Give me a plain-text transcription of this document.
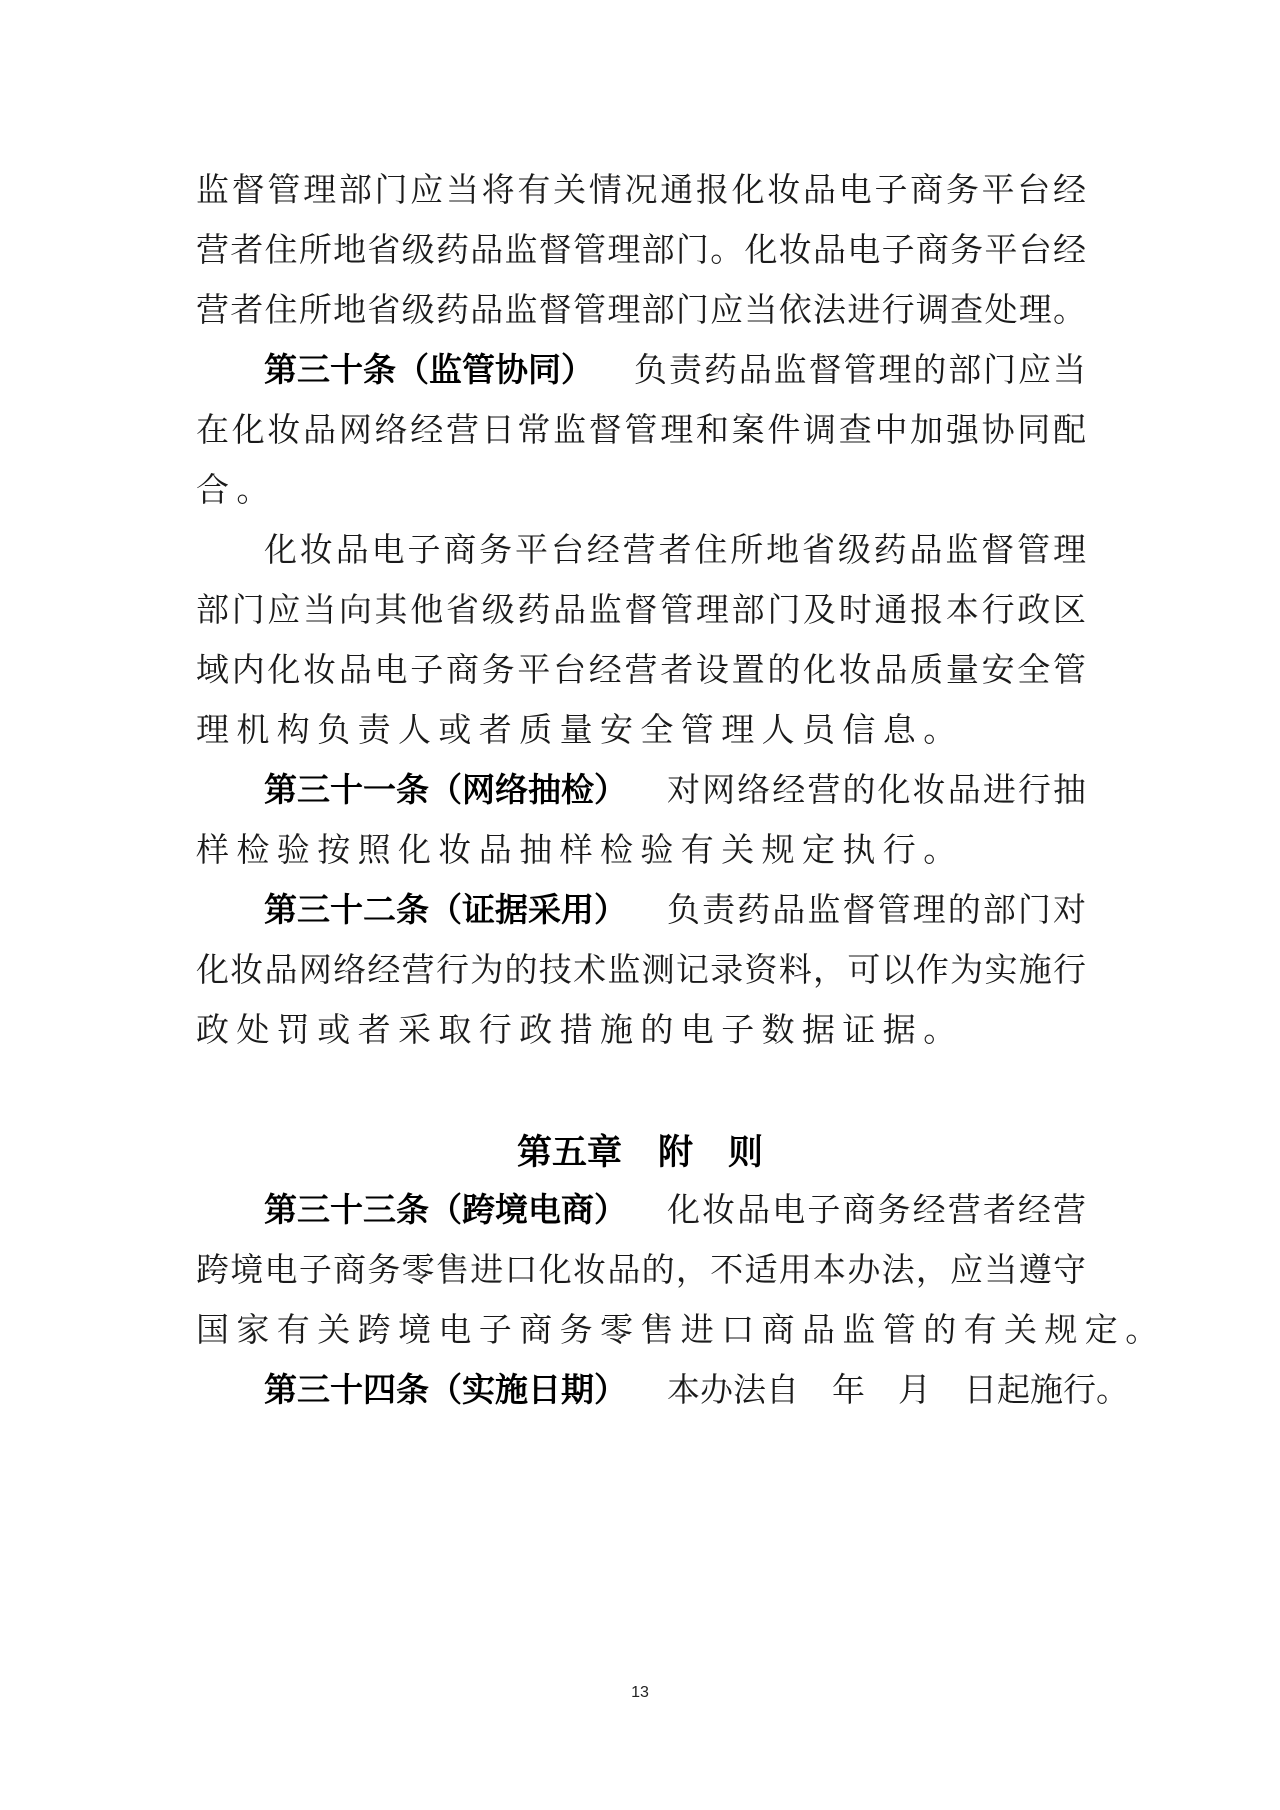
监督管理部门应当将有关情况通报化妆品电子商务平台经
营者住所地省级药品监督管理部门。化妆品电子商务平台经
营者住所地省级药品监督管理部门应当依法进行调查处理。
第三十条（监管协同） 负责药品监督管理的部门应当
在化妆品网络经营日常监督管理和案件调查中加强协同配
合。
化妆品电子商务平台经营者住所地省级药品监督管理
部门应当向其他省级药品监督管理部门及时通报本行政区
域内化妆品电子商务平台经营者设置的化妆品质量安全管
理机构负责人或者质量安全管理人员信息。
第三十一条（网络抽检） 对网络经营的化妆品进行抽
样检验按照化妆品抽样检验有关规定执行。
第三十二条（证据采用） 负责药品监督管理的部门对
化妆品网络经营行为的技术监测记录资料，可以作为实施行
政处罚或者采取行政措施的电子数据证据。
第五章 附　则
第三十三条（跨境电商） 化妆品电子商务经营者经营
跨境电子商务零售进口化妆品的，不适用本办法，应当遵守
国家有关跨境电子商务零售进口商品监管的有关规定。
第三十四条（实施日期） 本办法自　年　月　日起施行。
13
